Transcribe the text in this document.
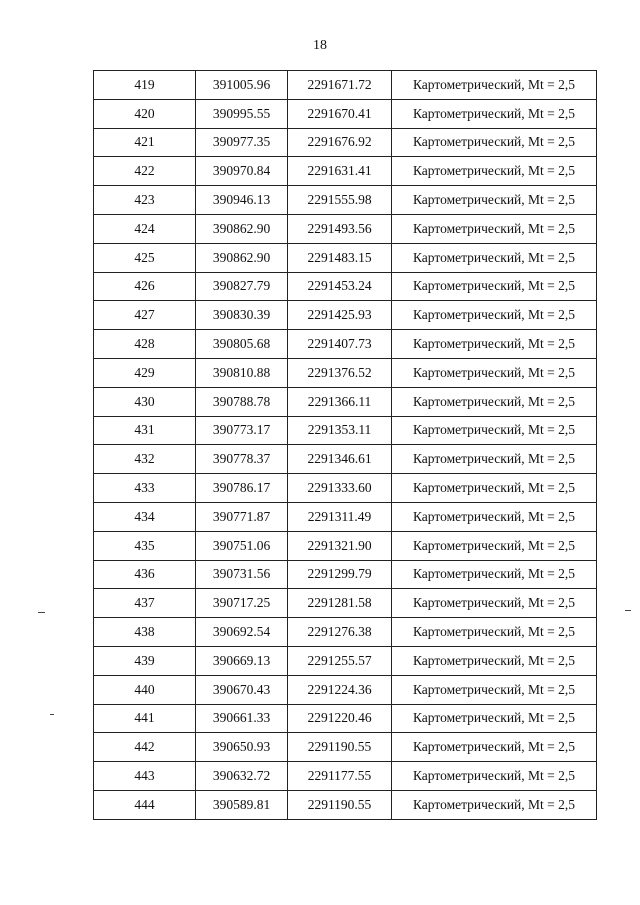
18
419	391005.96	2291671.72	Картометрический, Mt = 2,5
420	390995.55	2291670.41	Картометрический, Mt = 2,5
421	390977.35	2291676.92	Картометрический, Mt = 2,5
422	390970.84	2291631.41	Картометрический, Mt = 2,5
423	390946.13	2291555.98	Картометрический, Mt = 2,5
424	390862.90	2291493.56	Картометрический, Mt = 2,5
425	390862.90	2291483.15	Картометрический, Mt = 2,5
426	390827.79	2291453.24	Картометрический, Mt = 2,5
427	390830.39	2291425.93	Картометрический, Mt = 2,5
428	390805.68	2291407.73	Картометрический, Mt = 2,5
429	390810.88	2291376.52	Картометрический, Mt = 2,5
430	390788.78	2291366.11	Картометрический, Mt = 2,5
431	390773.17	2291353.11	Картометрический, Mt = 2,5
432	390778.37	2291346.61	Картометрический, Mt = 2,5
433	390786.17	2291333.60	Картометрический, Mt = 2,5
434	390771.87	2291311.49	Картометрический, Mt = 2,5
435	390751.06	2291321.90	Картометрический, Mt = 2,5
436	390731.56	2291299.79	Картометрический, Mt = 2,5
437	390717.25	2291281.58	Картометрический, Mt = 2,5
438	390692.54	2291276.38	Картометрический, Mt = 2,5
439	390669.13	2291255.57	Картометрический, Mt = 2,5
440	390670.43	2291224.36	Картометрический, Mt = 2,5
441	390661.33	2291220.46	Картометрический, Mt = 2,5
442	390650.93	2291190.55	Картометрический, Mt = 2,5
443	390632.72	2291177.55	Картометрический, Mt = 2,5
444	390589.81	2291190.55	Картометрический, Mt = 2,5
